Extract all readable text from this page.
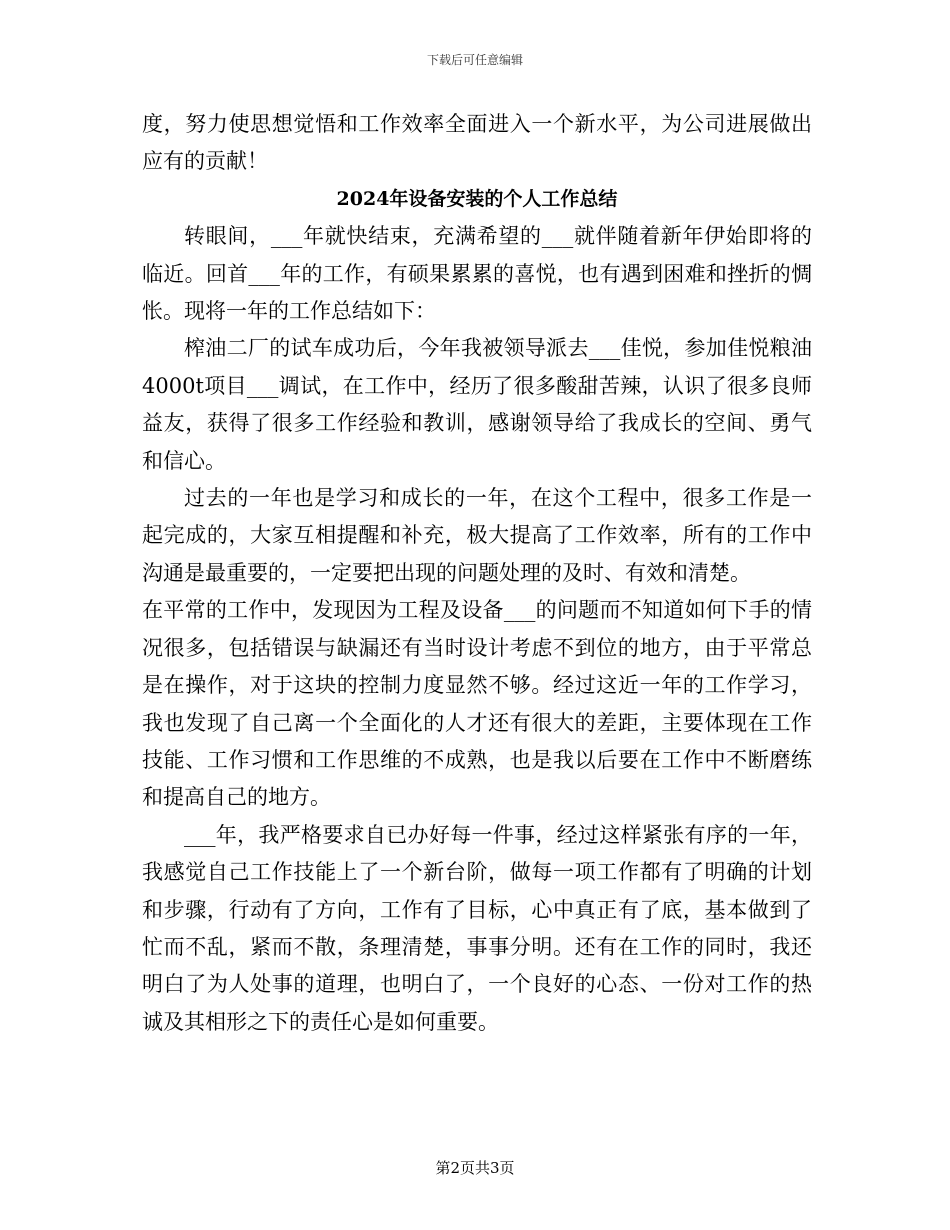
下载后可任意编辑

度，努力使思想觉悟和工作效率全面进入一个新水平，为公司进展做出应有的贡献！

2024年设备安装的个人工作总结

转眼间，___年就快结束，充满希望的___就伴随着新年伊始即将的临近。回首___年的工作，有硕果累累的喜悦，也有遇到困难和挫折的惆怅。现将一年的工作总结如下：

榨油二厂的试车成功后，今年我被领导派去___佳悦，参加佳悦粮油4000t项目___调试，在工作中，经历了很多酸甜苦辣，认识了很多良师益友，获得了很多工作经验和教训，感谢领导给了我成长的空间、勇气和信心。

过去的一年也是学习和成长的一年，在这个工程中，很多工作是一起完成的，大家互相提醒和补充，极大提高了工作效率，所有的工作中沟通是最重要的，一定要把出现的问题处理的及时、有效和清楚。

在平常的工作中，发现因为工程及设备___的问题而不知道如何下手的情况很多，包括错误与缺漏还有当时设计考虑不到位的地方，由于平常总是在操作，对于这块的控制力度显然不够。经过这近一年的工作学习，我也发现了自己离一个全面化的人才还有很大的差距，主要体现在工作技能、工作习惯和工作思维的不成熟，也是我以后要在工作中不断磨练和提高自己的地方。

___年，我严格要求自已办好每一件事，经过这样紧张有序的一年，我感觉自己工作技能上了一个新台阶，做每一项工作都有了明确的计划和步骤，行动有了方向，工作有了目标，心中真正有了底，基本做到了忙而不乱，紧而不散，条理清楚，事事分明。还有在工作的同时，我还明白了为人处事的道理，也明白了，一个良好的心态、一份对工作的热诚及其相形之下的责任心是如何重要。

第2页共3页
